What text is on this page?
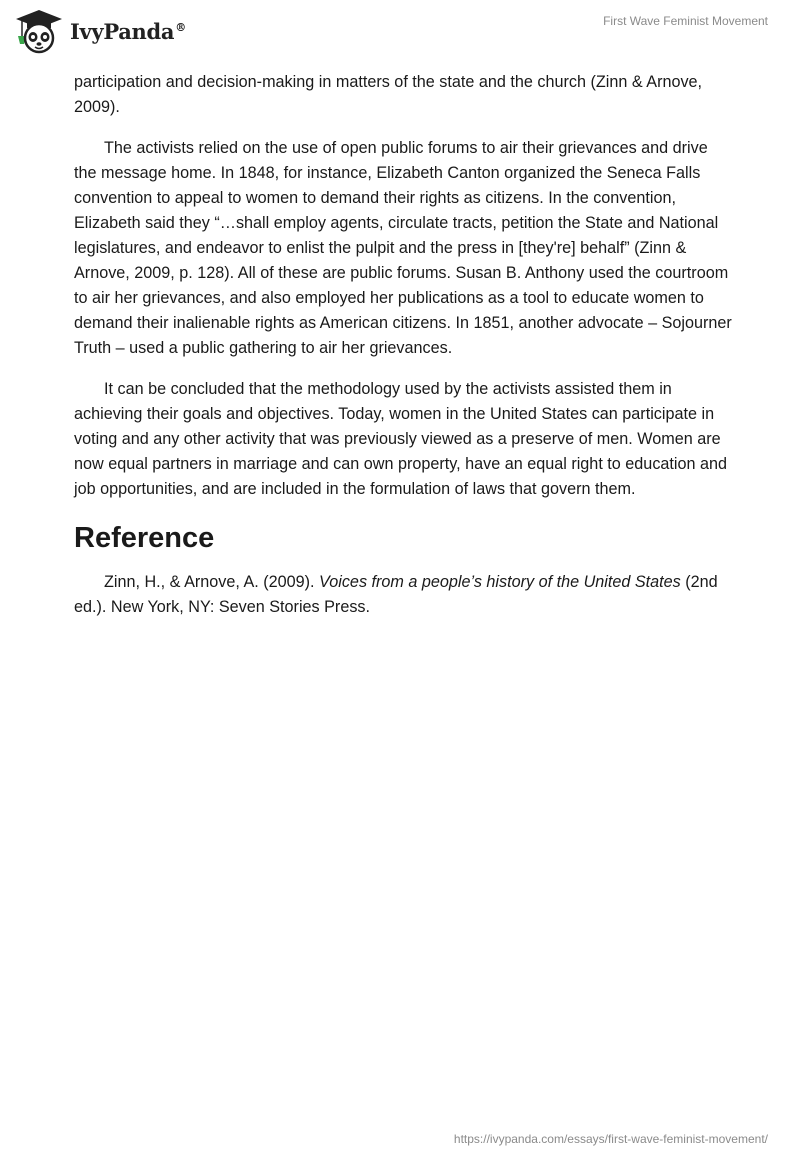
IvyPanda®	First Wave Feminist Movement

participation and decision-making in matters of the state and the church (Zinn & Arnove, 2009).

The activists relied on the use of open public forums to air their grievances and drive the message home. In 1848, for instance, Elizabeth Canton organized the Seneca Falls convention to appeal to women to demand their rights as citizens. In the convention, Elizabeth said they “…shall employ agents, circulate tracts, petition the State and National legislatures, and endeavor to enlist the pulpit and the press in [they're] behalf” (Zinn & Arnove, 2009, p. 128). All of these are public forums. Susan B. Anthony used the courtroom to air her grievances, and also employed her publications as a tool to educate women to demand their inalienable rights as American citizens. In 1851, another advocate – Sojourner Truth – used a public gathering to air her grievances.

It can be concluded that the methodology used by the activists assisted them in achieving their goals and objectives. Today, women in the United States can participate in voting and any other activity that was previously viewed as a preserve of men. Women are now equal partners in marriage and can own property, have an equal right to education and job opportunities, and are included in the formulation of laws that govern them.

Reference

Zinn, H., & Arnove, A. (2009). Voices from a people’s history of the United States (2nd ed.). New York, NY: Seven Stories Press.

https://ivypanda.com/essays/first-wave-feminist-movement/
